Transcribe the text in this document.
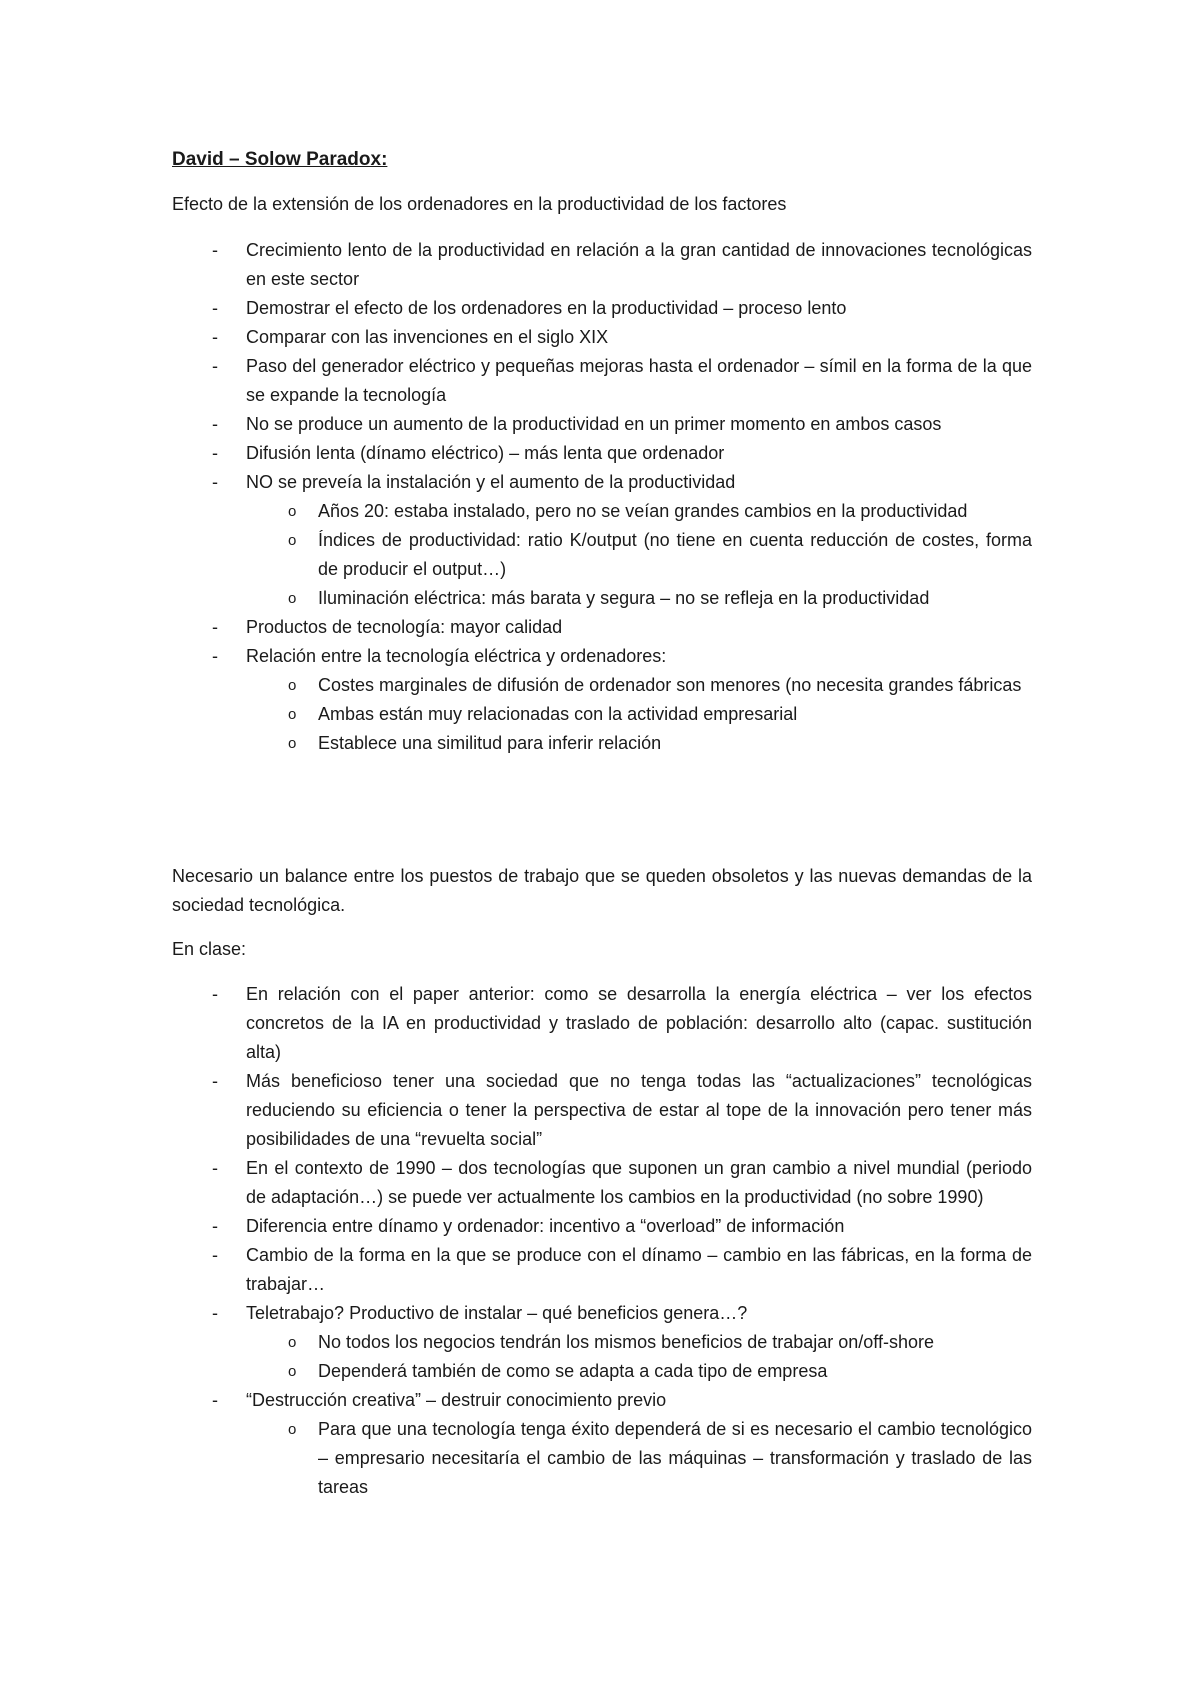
David – Solow Paradox:

Efecto de la extensión de los ordenadores en la productividad de los factores

- Crecimiento lento de la productividad en relación a la gran cantidad de innovaciones tecnológicas en este sector
- Demostrar el efecto de los ordenadores en la productividad – proceso lento
- Comparar con las invenciones en el siglo XIX
- Paso del generador eléctrico y pequeñas mejoras hasta el ordenador – símil en la forma de la que se expande la tecnología
- No se produce un aumento de la productividad en un primer momento en ambos casos
- Difusión lenta (dínamo eléctrico) – más lenta que ordenador
- NO se preveía la instalación y el aumento de la productividad
o Años 20: estaba instalado, pero no se veían grandes cambios en la productividad
o Índices de productividad: ratio K/output (no tiene en cuenta reducción de costes, forma de producir el output…)
o Iluminación eléctrica: más barata y segura – no se refleja en la productividad
- Productos de tecnología: mayor calidad
- Relación entre la tecnología eléctrica y ordenadores:
o Costes marginales de difusión de ordenador son menores (no necesita grandes fábricas
o Ambas están muy relacionadas con la actividad empresarial
o Establece una similitud para inferir relación

Necesario un balance entre los puestos de trabajo que se queden obsoletos y las nuevas demandas de la sociedad tecnológica.

En clase:

- En relación con el paper anterior: como se desarrolla la energía eléctrica – ver los efectos concretos de la IA en productividad y traslado de población: desarrollo alto (capac. sustitución alta)
- Más beneficioso tener una sociedad que no tenga todas las “actualizaciones” tecnológicas reduciendo su eficiencia o tener la perspectiva de estar al tope de la innovación pero tener más posibilidades de una “revuelta social”
- En el contexto de 1990 – dos tecnologías que suponen un gran cambio a nivel mundial (periodo de adaptación…) se puede ver actualmente los cambios en la productividad (no sobre 1990)
- Diferencia entre dínamo y ordenador: incentivo a “overload” de información
- Cambio de la forma en la que se produce con el dínamo – cambio en las fábricas, en la forma de trabajar…
- Teletrabajo? Productivo de instalar – qué beneficios genera…?
o No todos los negocios tendrán los mismos beneficios de trabajar on/off-shore
o Dependerá también de como se adapta a cada tipo de empresa
- “Destrucción creativa” – destruir conocimiento previo
o Para que una tecnología tenga éxito dependerá de si es necesario el cambio tecnológico – empresario necesitaría el cambio de las máquinas – transformación y traslado de las tareas
